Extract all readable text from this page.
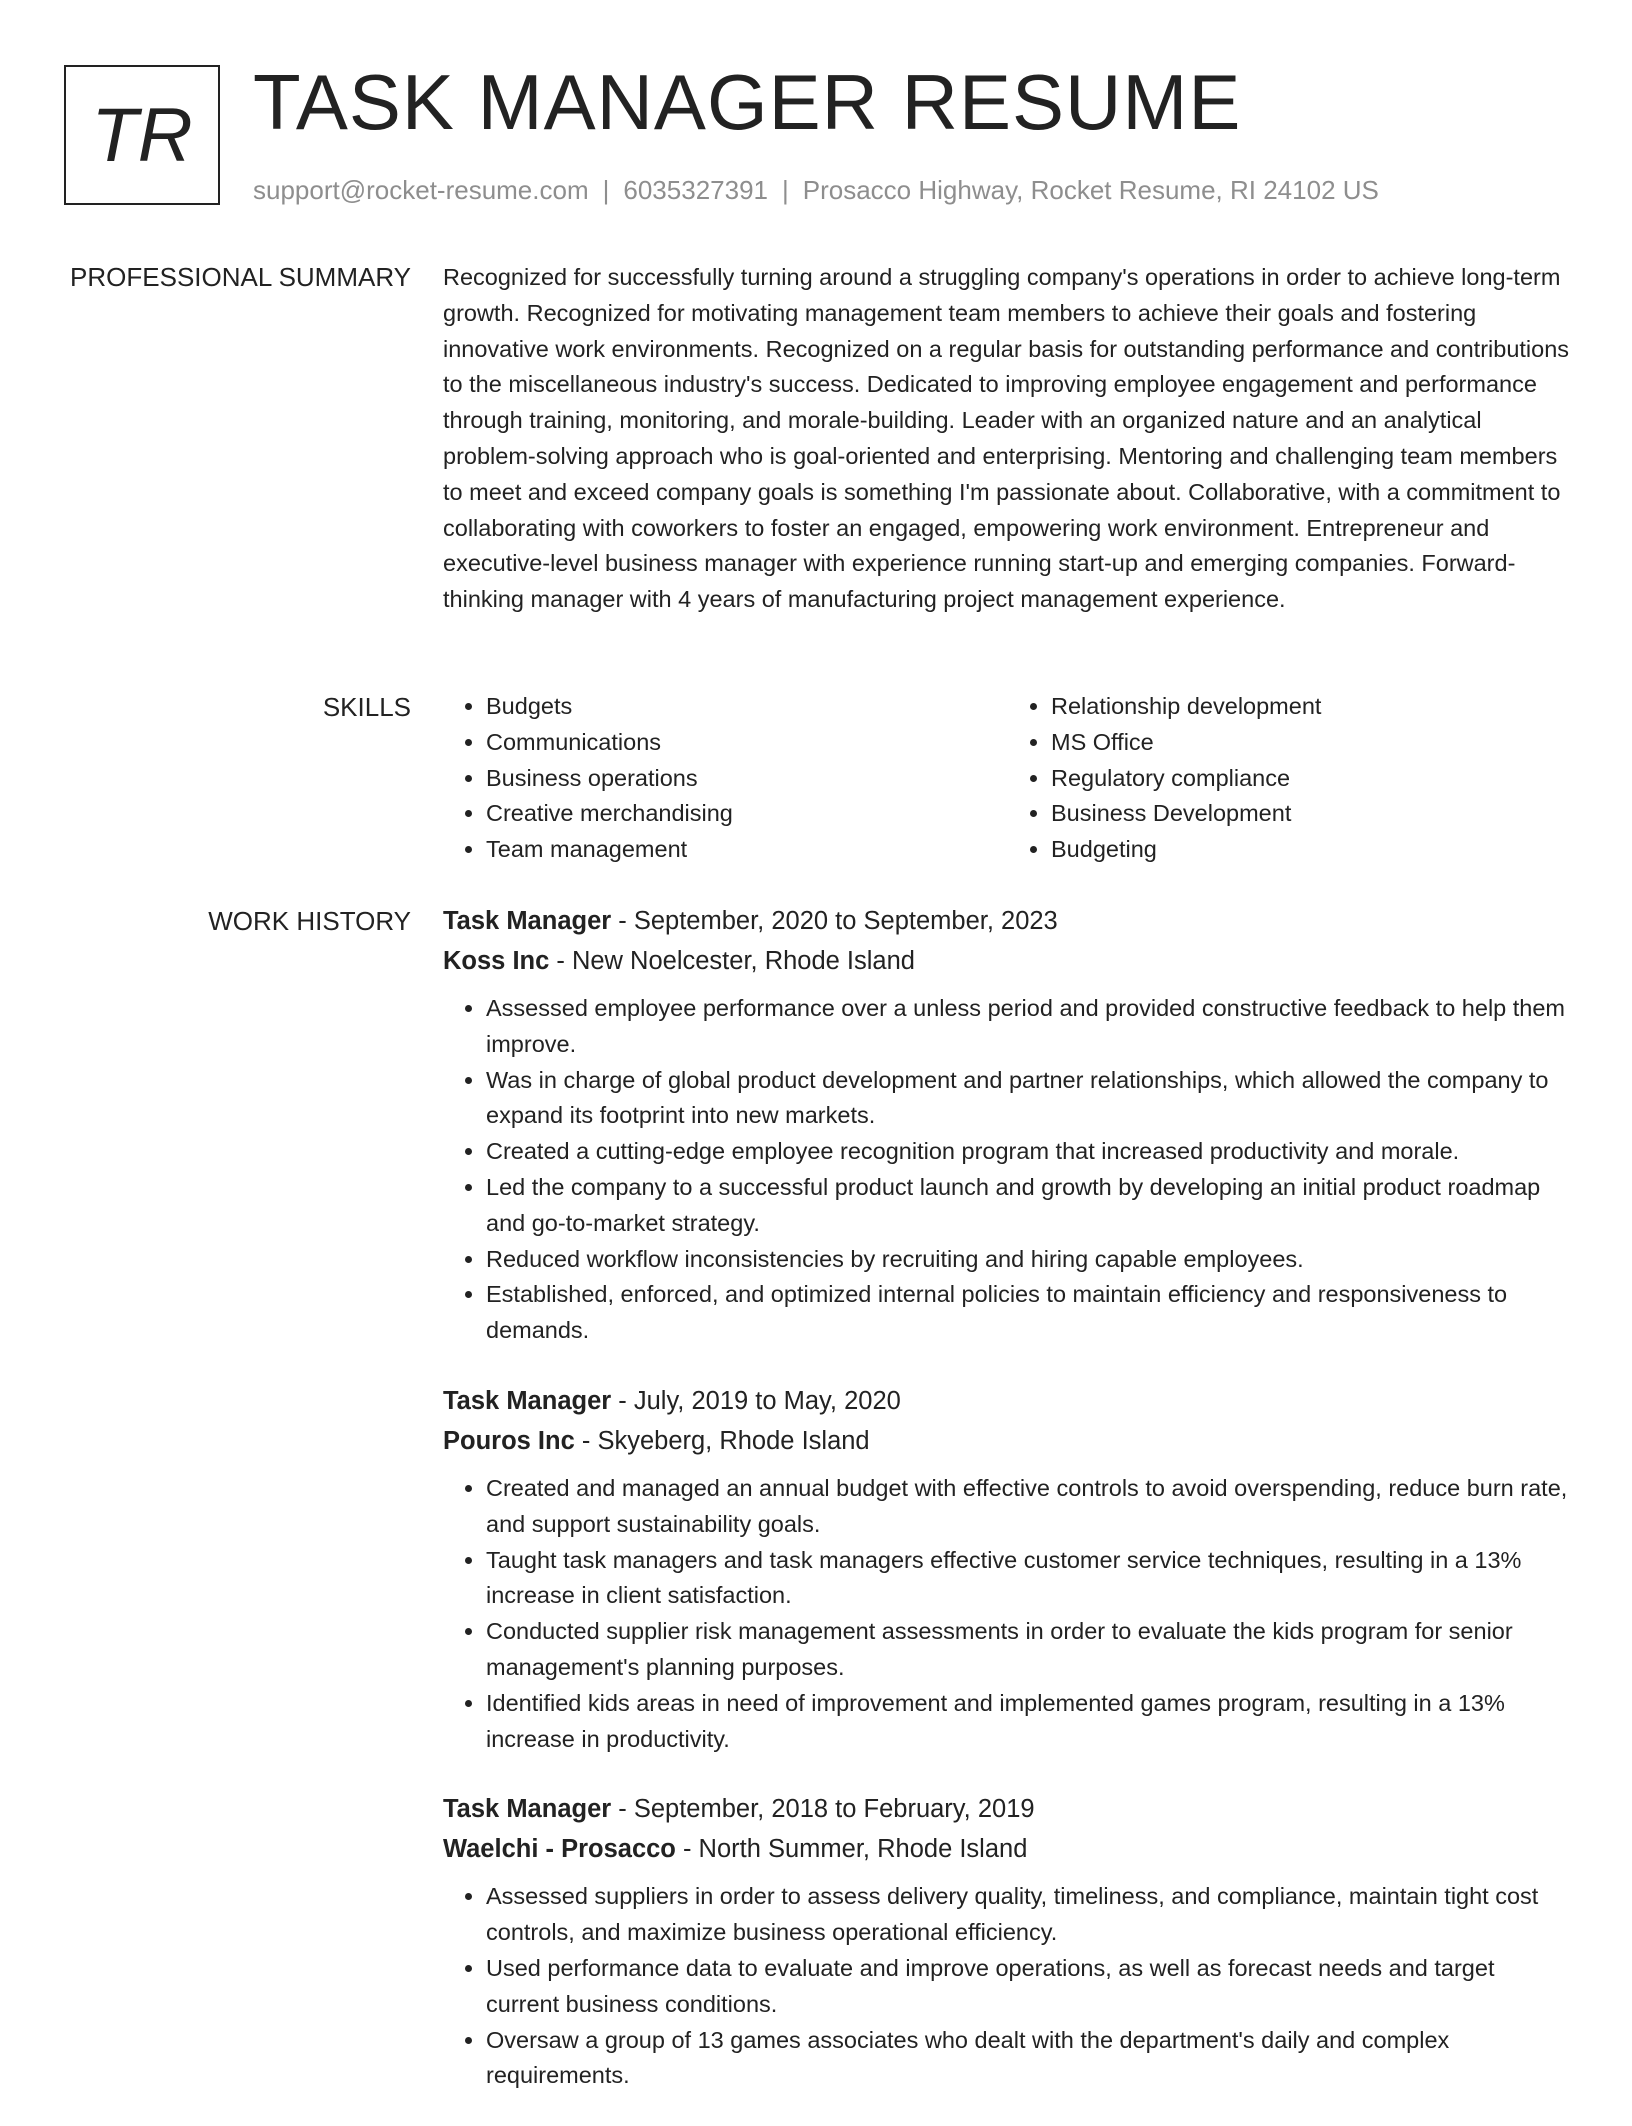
TR TASK MANAGER RESUME
support@rocket-resume.com | 6035327391 | Prosacco Highway, Rocket Resume, RI 24102 US
PROFESSIONAL SUMMARY Recognized for successfully turning around a struggling company's operations in order to achieve long-term growth. Recognized for motivating management team members to achieve their goals and fostering innovative work environments. Recognized on a regular basis for outstanding performance and contributions to the miscellaneous industry's success. Dedicated to improving employee engagement and performance through training, monitoring, and morale-building. Leader with an organized nature and an analytical problem-solving approach who is goal-oriented and enterprising. Mentoring and challenging team members to meet and exceed company goals is something I'm passionate about. Collaborative, with a commitment to collaborating with coworkers to foster an engaged, empowering work environment. Entrepreneur and executive-level business manager with experience running start-up and emerging companies. Forward-thinking manager with 4 years of manufacturing project management experience.

SKILLS
•	Budgets
• Communications
• Business operations
• Creative merchandising
• Team management
• Relationship development
• MS Office
• Regulatory compliance
• Business Development
• Budgeting
WORK HISTORY Task Manager - September, 2020 to September, 2023
Koss Inc - New Noelcester, Rhode Island
• Assessed employee performance over a unless period and provided constructive feedback to help them improve.
• Was in charge of global product development and partner relationships, which allowed the company to expand its footprint into new markets.
• Created a cutting-edge employee recognition program that increased productivity and morale.
• Led the company to a successful product launch and growth by developing an initial product roadmap and go-to-market strategy.
• Reduced workflow inconsistencies by recruiting and hiring capable employees.
• Established, enforced, and optimized internal policies to maintain efficiency and responsiveness to demands.
Task Manager - July, 2019 to May, 2020
Pouros Inc - Skyeberg, Rhode Island
• Created and managed an annual budget with effective controls to avoid overspending, reduce burn rate, and support sustainability goals.
• Taught task managers and task managers effective customer service techniques, resulting in a 13% increase in client satisfaction.
• Conducted supplier risk management assessments in order to evaluate the kids program for senior management's planning purposes.
• Identified kids areas in need of improvement and implemented games program, resulting in a 13% increase in productivity.
Task Manager - September, 2018 to February, 2019
Waelchi - Prosacco - North Summer, Rhode Island
• Assessed suppliers in order to assess delivery quality, timeliness, and compliance, maintain tight cost controls, and maximize business operational efficiency.
• Used performance data to evaluate and improve operations, as well as forecast needs and target current business conditions.
• Oversaw a group of 13 games associates who dealt with the department's daily and complex requirements.
